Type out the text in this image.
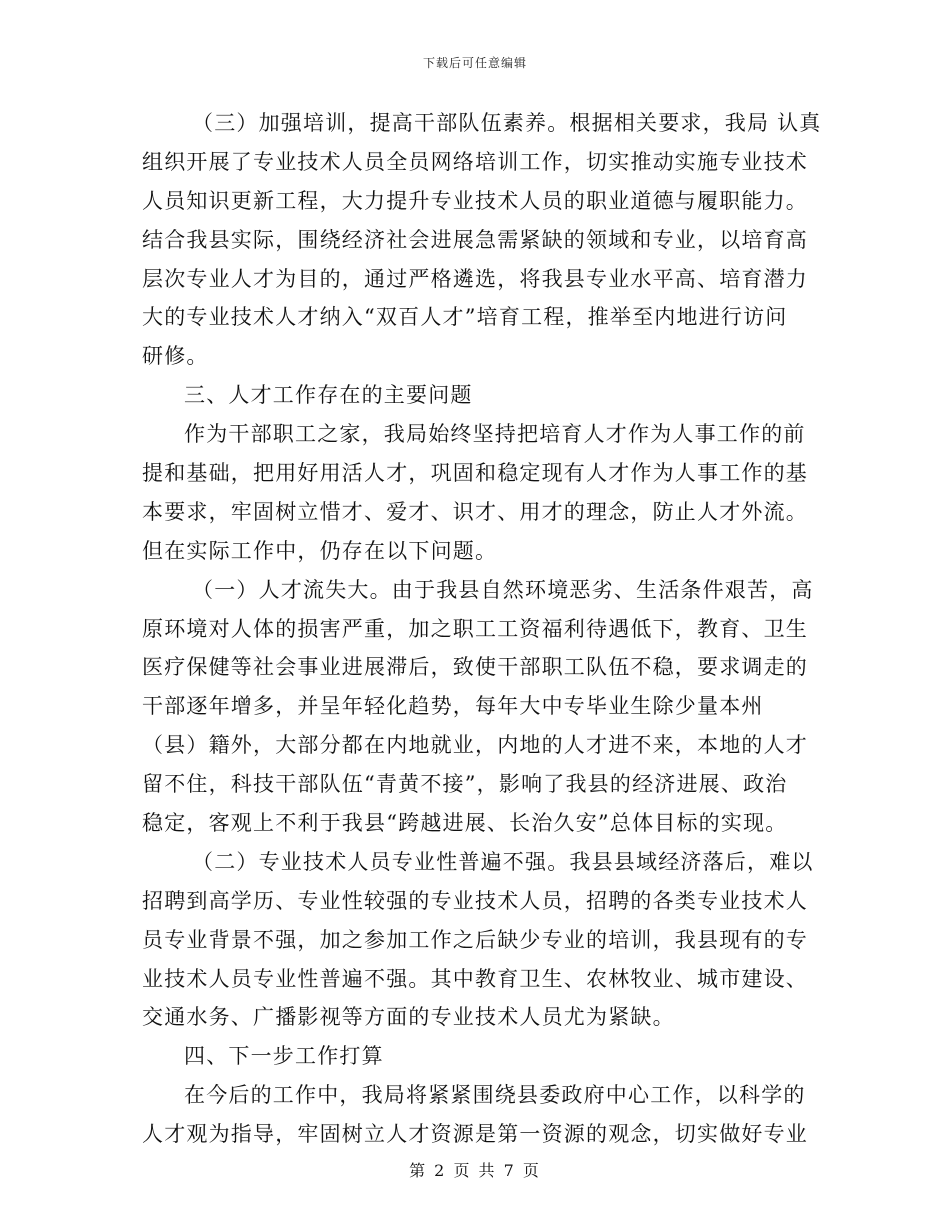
下载后可任意编辑
（三）加强培训，提高干部队伍素养。根据相关要求，我局 认真
组织开展了专业技术人员全员网络培训工作，切实推动实施专业技术
人员知识更新工程，大力提升专业技术人员的职业道德与履职能力。
结合我县实际，围绕经济社会进展急需紧缺的领域和专业，以培育高
层次专业人才为目的，通过严格遴选，将我县专业水平高、培育潜力
大的专业技术人才纳入“双百人才”培育工程，推举至内地进行访问
研修。
三、人才工作存在的主要问题
作为干部职工之家，我局始终坚持把培育人才作为人事工作的前
提和基础，把用好用活人才，巩固和稳定现有人才作为人事工作的基
本要求，牢固树立惜才、爱才、识才、用才的理念，防止人才外流。
但在实际工作中，仍存在以下问题。
（一）人才流失大。由于我县自然环境恶劣、生活条件艰苦，高
原环境对人体的损害严重，加之职工工资福利待遇低下，教育、卫生
医疗保健等社会事业进展滞后，致使干部职工队伍不稳，要求调走的
干部逐年增多，并呈年轻化趋势，每年大中专毕业生除少量本州
（县）籍外，大部分都在内地就业，内地的人才进不来，本地的人才
留不住，科技干部队伍“青黄不接”，影响了我县的经济进展、政治
稳定，客观上不利于我县“跨越进展、长治久安”总体目标的实现。
（二）专业技术人员专业性普遍不强。我县县域经济落后，难以
招聘到高学历、专业性较强的专业技术人员，招聘的各类专业技术人
员专业背景不强，加之参加工作之后缺少专业的培训，我县现有的专
业技术人员专业性普遍不强。其中教育卫生、农林牧业、城市建设、
交通水务、广播影视等方面的专业技术人员尤为紧缺。
四、下一步工作打算
在今后的工作中，我局将紧紧围绕县委政府中心工作，以科学的
人才观为指导，牢固树立人才资源是第一资源的观念，切实做好专业
第 2 页 共 7 页
